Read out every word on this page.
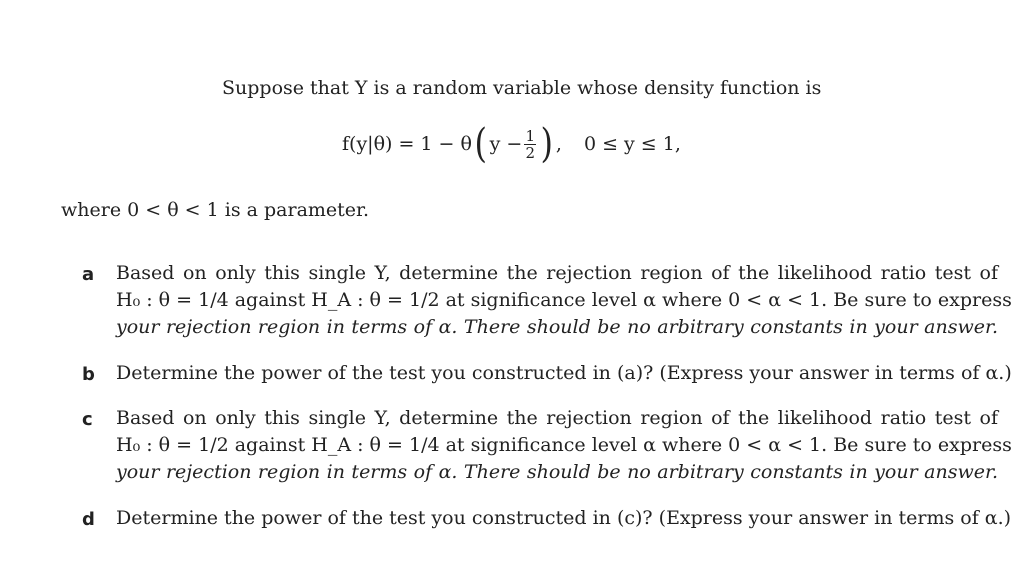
Suppose that Y is a random variable whose density function is
f(y|θ) = 1 − θ ( $y - \frac{1}{2}$ ) , 0 ≤ y ≤ 1,
where 0 < θ < 1 is a parameter.
a Based on only this single Y, determine the rejection region of the likelihood ratio test of
H₀ : θ = 1/4 against H_A : θ = 1/2 at significance level α where 0 < α < 1. Be sure to express
your rejection region in terms of α. There should be no arbitrary constants in your answer.
b Determine the power of the test you constructed in (a)? (Express your answer in terms of α.)
c Based on only this single Y, determine the rejection region of the likelihood ratio test of
H₀ : θ = 1/2 against H_A : θ = 1/4 at significance level α where 0 < α < 1. Be sure to express
your rejection region in terms of α. There should be no arbitrary constants in your answer.
d Determine the power of the test you constructed in (c)? (Express your answer in terms of α.)
